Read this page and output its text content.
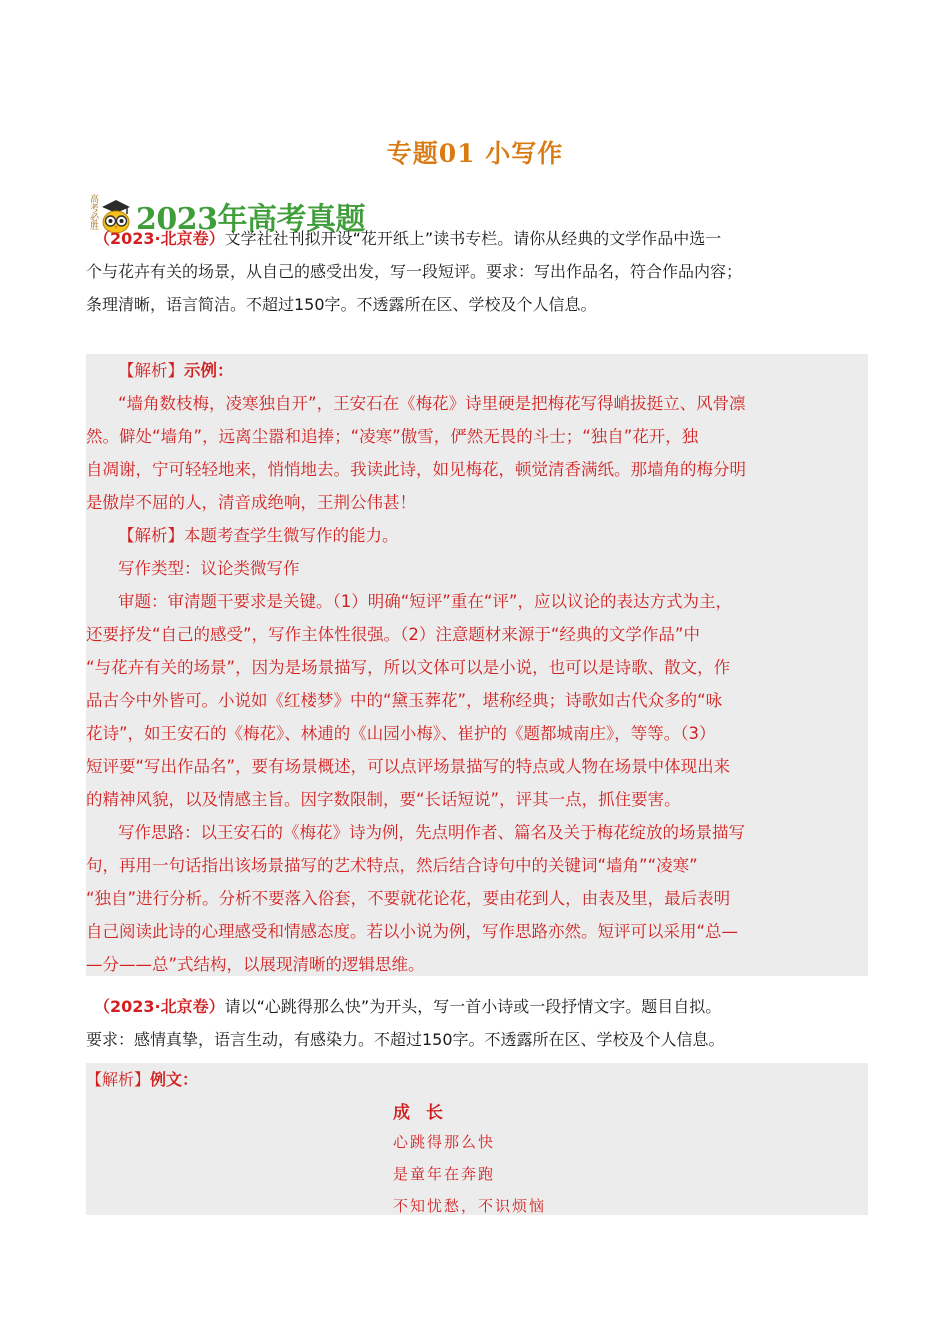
专题01 小写作
高考必胜 2023年高考真题
（2023·北京卷）文学社社刊拟开设“花开纸上”读书专栏。请你从经典的文学作品中选一
个与花卉有关的场景，从自己的感受出发，写一段短评。要求：写出作品名，符合作品内容；
条理清晰，语言简洁。不超过150字。不透露所在区、学校及个人信息。
【解析】示例：
“墙角数枝梅，凌寒独自开”，王安石在《梅花》诗里硬是把梅花写得峭拔挺立、风骨凛
然。僻处“墙角”，远离尘嚣和追捧；“凌寒”傲雪，俨然无畏的斗士；“独自”花开，独
自凋谢，宁可轻轻地来，悄悄地去。我读此诗，如见梅花，顿觉清香满纸。那墙角的梅分明
是傲岸不屈的人，清音成绝响，王荆公伟甚！
【解析】本题考查学生微写作的能力。
写作类型：议论类微写作
审题：审清题干要求是关键。（1）明确“短评”重在“评”，应以议论的表达方式为主，
还要抒发“自己的感受”，写作主体性很强。（2）注意题材来源于“经典的文学作品”中
“与花卉有关的场景”，因为是场景描写，所以文体可以是小说，也可以是诗歌、散文，作
品古今中外皆可。小说如《红楼梦》中的“黛玉葬花”，堪称经典；诗歌如古代众多的“咏
花诗”，如王安石的《梅花》、林逋的《山园小梅》、崔护的《题都城南庄》，等等。（3）
短评要“写出作品名”，要有场景概述，可以点评场景描写的特点或人物在场景中体现出来
的精神风貌，以及情感主旨。因字数限制，要“长话短说”，评其一点，抓住要害。
写作思路：以王安石的《梅花》诗为例，先点明作者、篇名及关于梅花绽放的场景描写
句，再用一句话指出该场景描写的艺术特点，然后结合诗句中的关键词“墙角”“凌寒”
“独自”进行分析。分析不要落入俗套，不要就花论花，要由花到人，由表及里，最后表明
自己阅读此诗的心理感受和情感态度。若以小说为例，写作思路亦然。短评可以采用“总—
—分——总”式结构，以展现清晰的逻辑思维。
（2023·北京卷）请以“心跳得那么快”为开头，写一首小诗或一段抒情文字。题目自拟。
要求：感情真挚，语言生动，有感染力。不超过150字。不透露所在区、学校及个人信息。
【解析】例文：
成长
心跳得那么快
是童年在奔跑
不知忧愁，不识烦恼
